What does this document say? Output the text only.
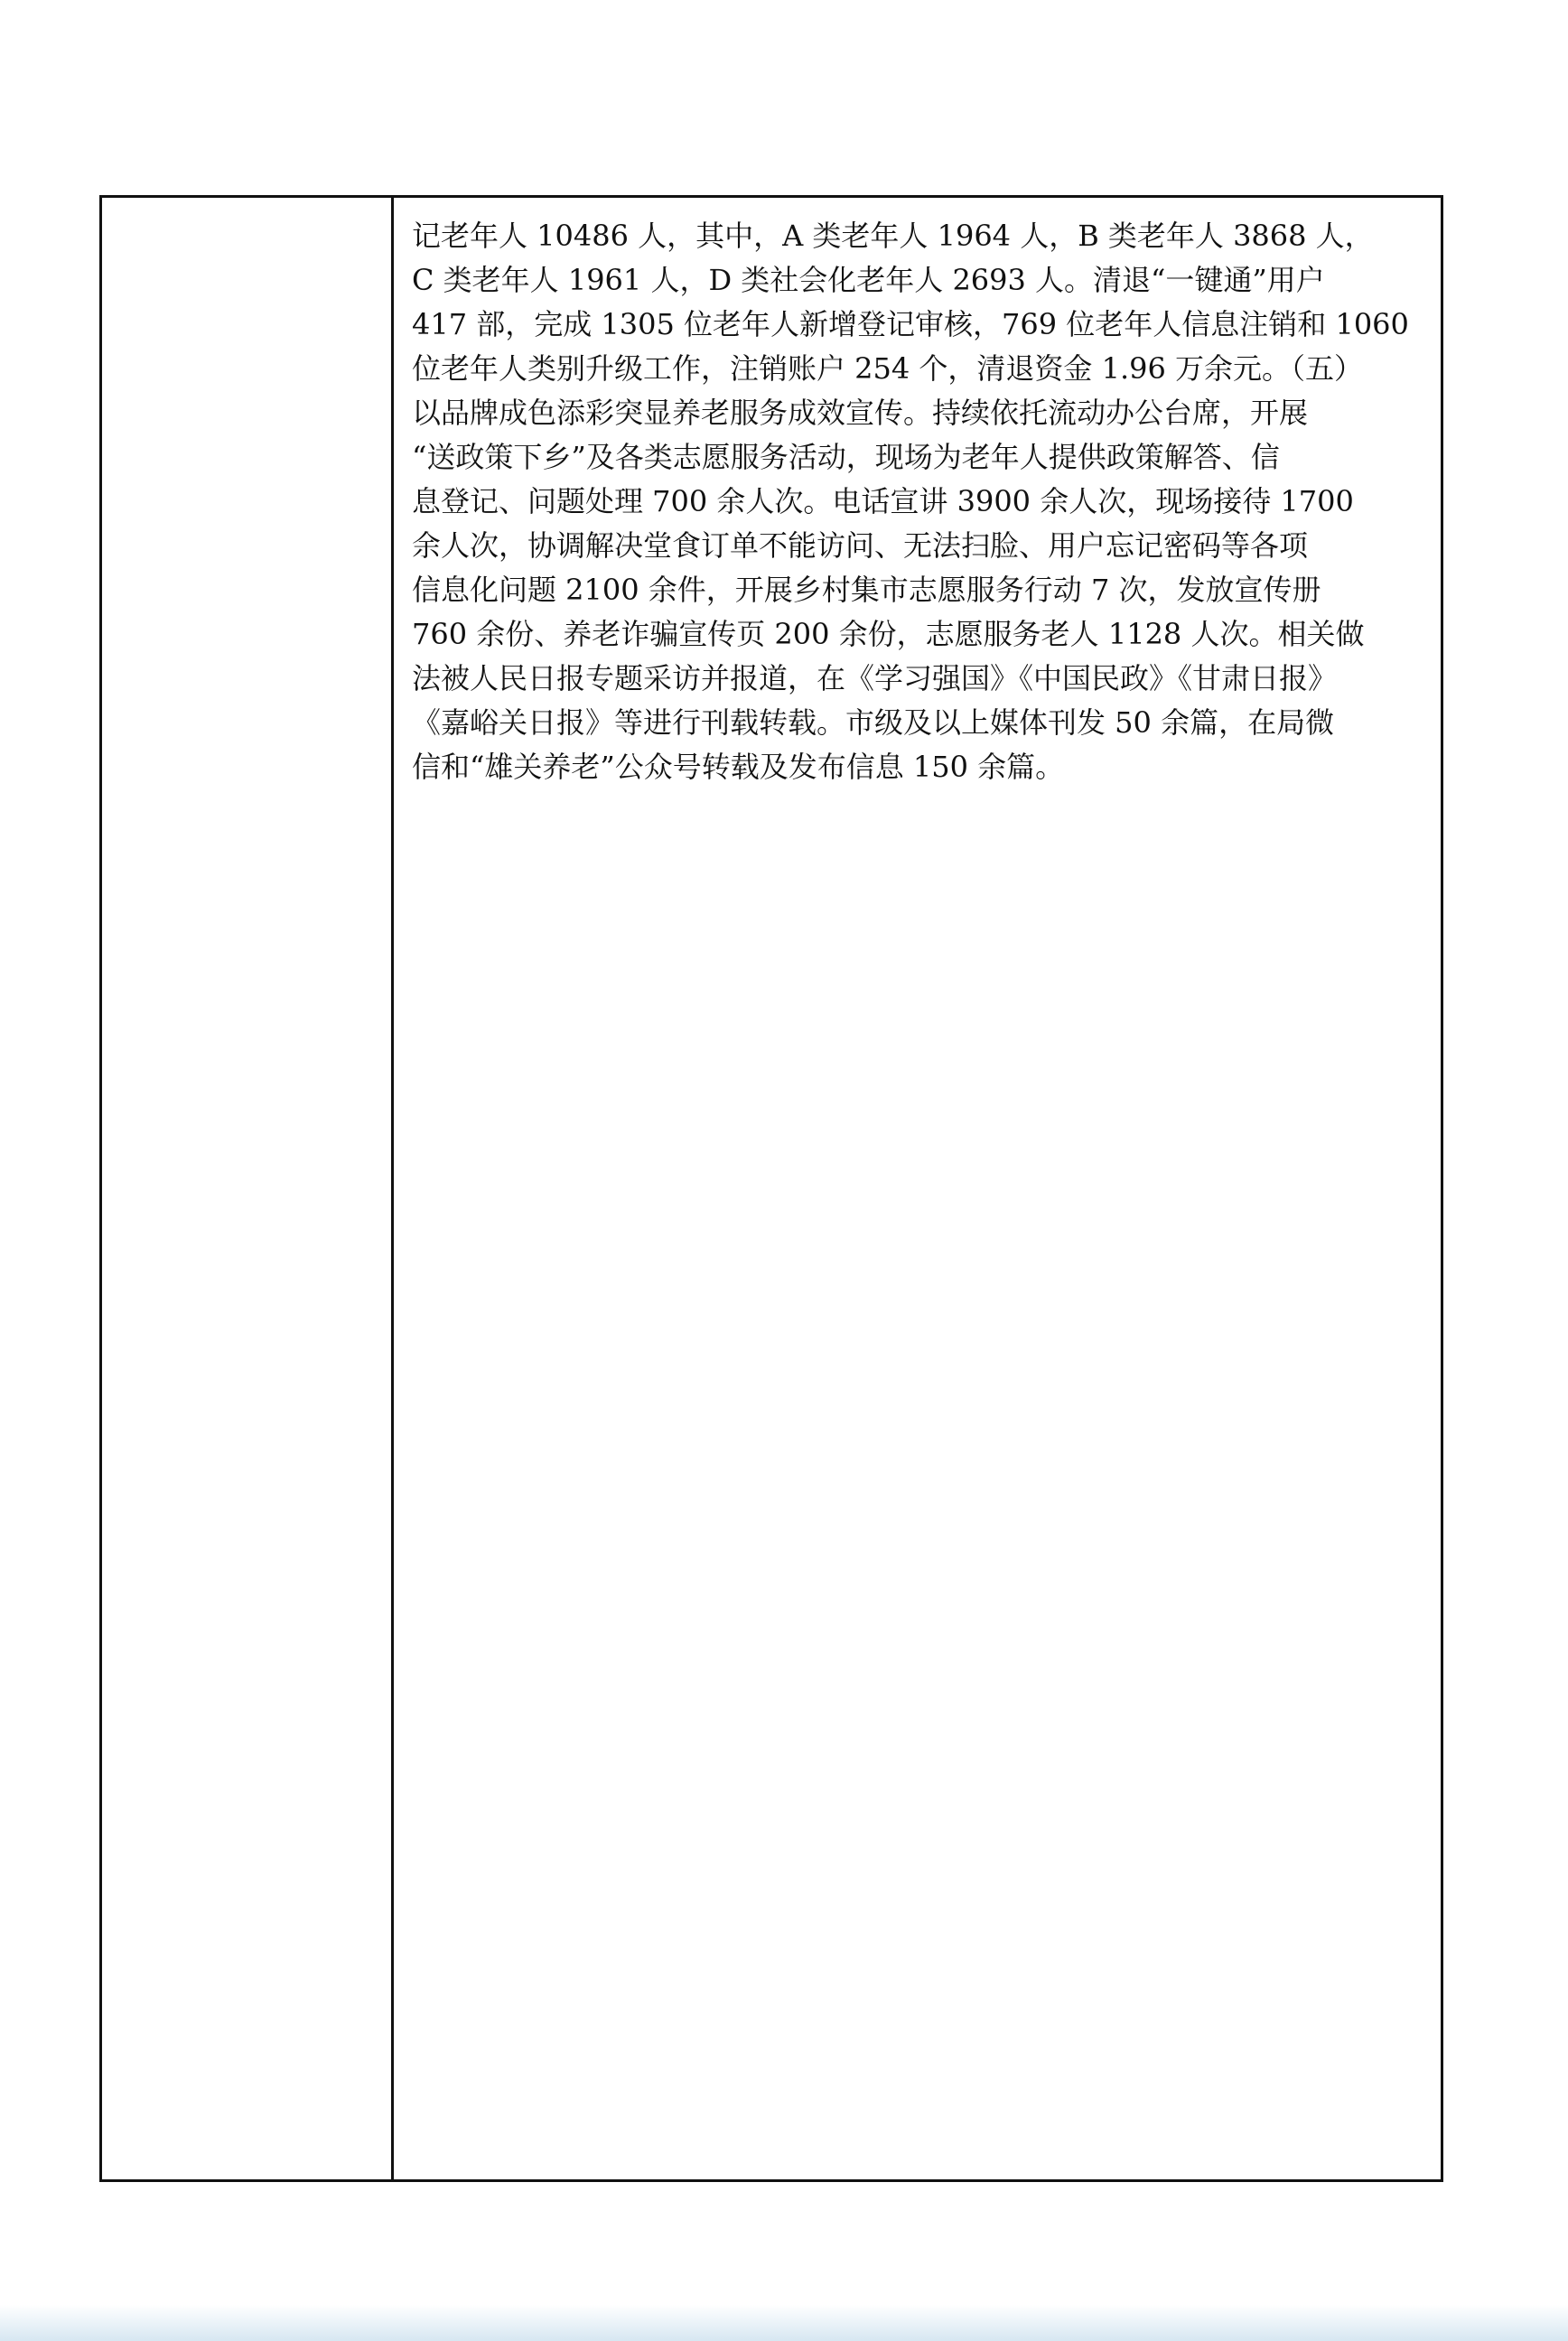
记老年人 10486 人，其中，A 类老年人 1964 人，B 类老年人 3868 人，
C 类老年人 1961 人，D 类社会化老年人 2693 人。清退“一键通”用户
417 部，完成 1305 位老年人新增登记审核，769 位老年人信息注销和 1060
位老年人类别升级工作，注销账户 254 个，清退资金 1.96 万余元。（五）
以品牌成色添彩突显养老服务成效宣传。持续依托流动办公台席，开展
“送政策下乡”及各类志愿服务活动，现场为老年人提供政策解答、信
息登记、问题处理 700 余人次。电话宣讲 3900 余人次，现场接待 1700
余人次，协调解决堂食订单不能访问、无法扫脸、用户忘记密码等各项
信息化问题 2100 余件，开展乡村集市志愿服务行动 7 次，发放宣传册
760 余份、养老诈骗宣传页 200 余份，志愿服务老人 1128 人次。相关做
法被人民日报专题采访并报道，在《学习强国》《中国民政》《甘肃日报》
《嘉峪关日报》等进行刊载转载。市级及以上媒体刊发 50 余篇，在局微
信和“雄关养老”公众号转载及发布信息 150 余篇。
